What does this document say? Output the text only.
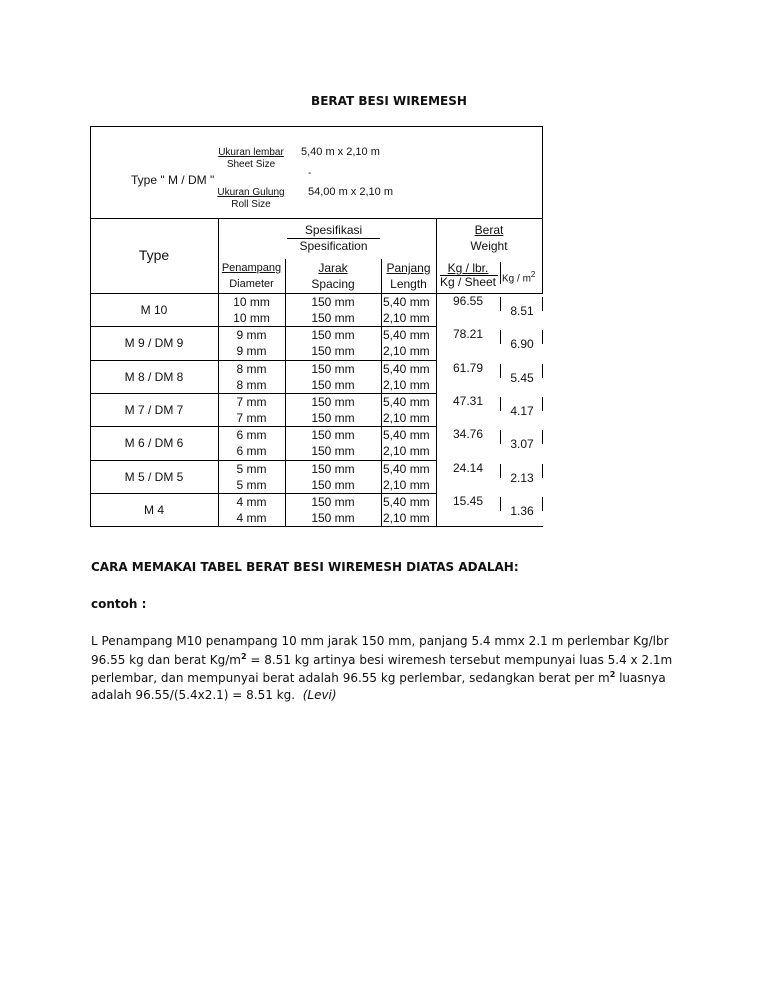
BERAT BESI WIREMESH
Type " M / DM "
Ukuran lembar
Sheet Size
5,40 m x 2,10 m
-
Ukuran Gulung
Roll Size
54,00 m x 2,10 m
Type
Spesifikasi
Spesification
Berat
Weight
Penampang
Diameter
Jarak
Spacing
Panjang
Length
Kg / lbr.
Kg / Sheet Kg / $m^2$
M 10
10 mm
10 mm
150 mm
150 mm
5,40 mm
2,10 mm
96.55
8.51
M 9 / DM 9
9 mm
9 mm
150 mm
150 mm
5,40 mm
2,10 mm
78.21
6.90
M 8 / DM 8
8 mm
8 mm
150 mm
150 mm
5,40 mm
2,10 mm
61.79
5.45
M 7 / DM 7
7 mm
7 mm
150 mm
150 mm
5,40 mm
2,10 mm
47.31
4.17
M 6 / DM 6
6 mm
6 mm
150 mm
150 mm
5,40 mm
2,10 mm
34.76
3.07
M 5 / DM 5
5 mm
5 mm
150 mm
150 mm
5,40 mm
2,10 mm
24.14
2.13
M 4
4 mm
4 mm
150 mm
150 mm
5,40 mm
2,10 mm
15.45
1.36
CARA MEMAKAI TABEL BERAT BESI WIREMESH DIATAS ADALAH:
contoh :
L Penampang M10 penampang 10 mm jarak 150 mm, panjang 5.4 mmx 2.1 m perlembar Kg/lbr
96.55 kg dan berat $Kg/m^2 = 8.51$ kg artinya besi wiremesh tersebut mempunyai luas 5.4 x 2.1m
perlembar, dan mempunyai berat adalah 96.55 kg perlembar, sedangkan berat per $m^2$ luasnya
adalah 96.55/(5.4x2.1) = 8.51 kg. (Levi)
